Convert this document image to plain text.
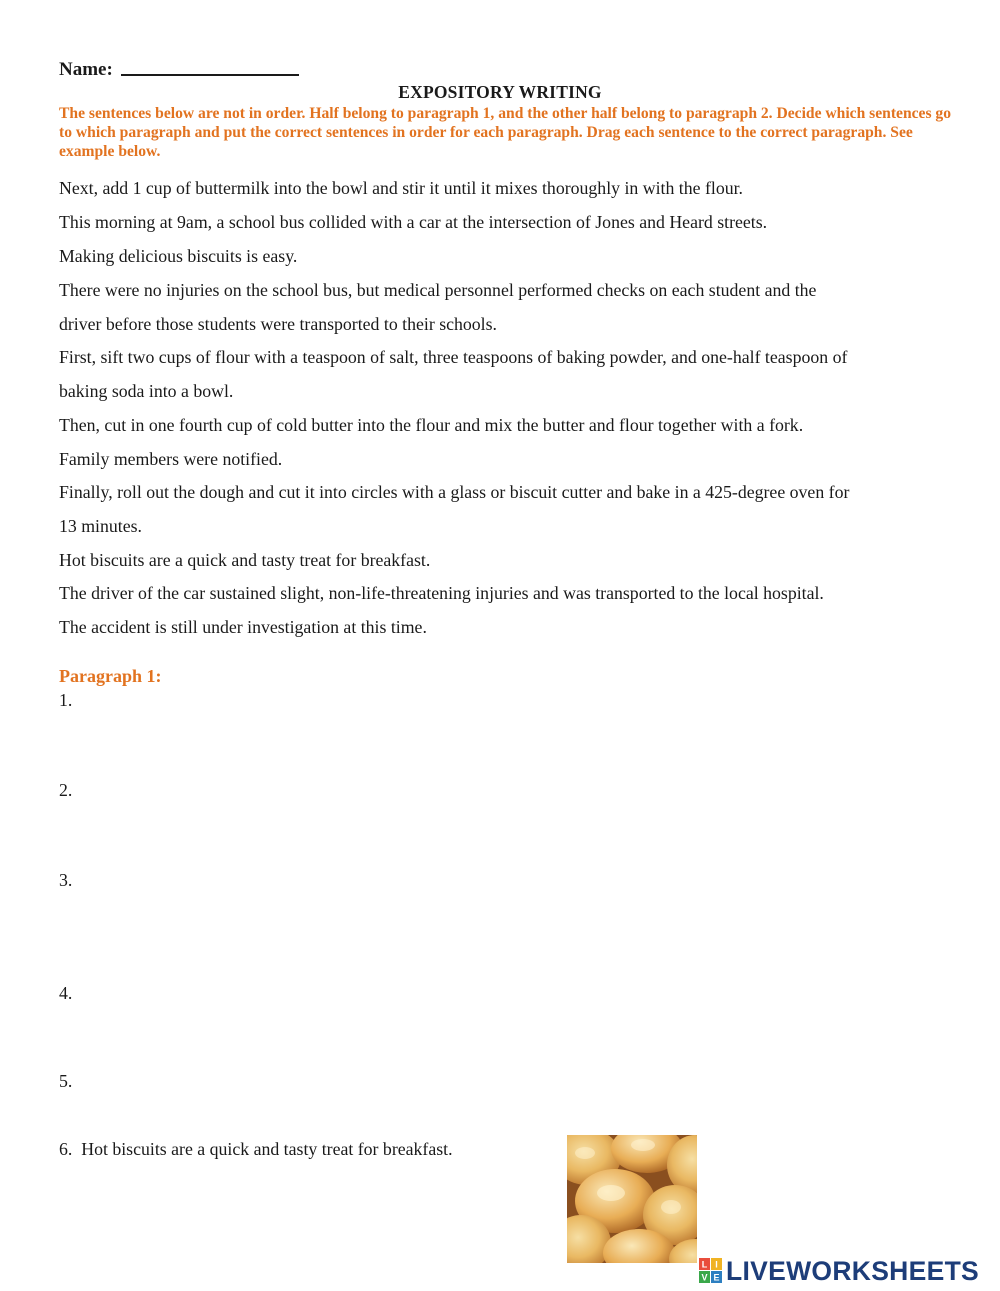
Name:
EXPOSITORY WRITING
The sentences below are not in order. Half belong to paragraph 1, and the other half belong to paragraph 2. Decide which sentences go to which paragraph and put the correct sentences in order for each paragraph. Drag each sentence to the correct paragraph. See example below.
Next, add 1 cup of buttermilk into the bowl and stir it until it mixes thoroughly in with the flour.
This morning at 9am, a school bus collided with a car at the intersection of Jones and Heard streets.
Making delicious biscuits is easy.
There were no injuries on the school bus, but medical personnel performed checks on each student and the
driver before those students were transported to their schools.
First, sift two cups of flour with a teaspoon of salt, three teaspoons of baking powder, and one-half teaspoon of
baking soda into a bowl.
Then, cut in one fourth cup of cold butter into the flour and mix the butter and flour together with a fork.
Family members were notified.
Finally, roll out the dough and cut it into circles with a glass or biscuit cutter and bake in a 425-degree oven for
13 minutes.
Hot biscuits are a quick and tasty treat for breakfast.
The driver of the car sustained slight, non-life-threatening injuries and was transported to the local hospital.
The accident is still under investigation at this time.
Paragraph 1:
1.
2.
3.
4.
5.
6. Hot biscuits are a quick and tasty treat for breakfast.
L I
V E LIVEWORKSHEETS
